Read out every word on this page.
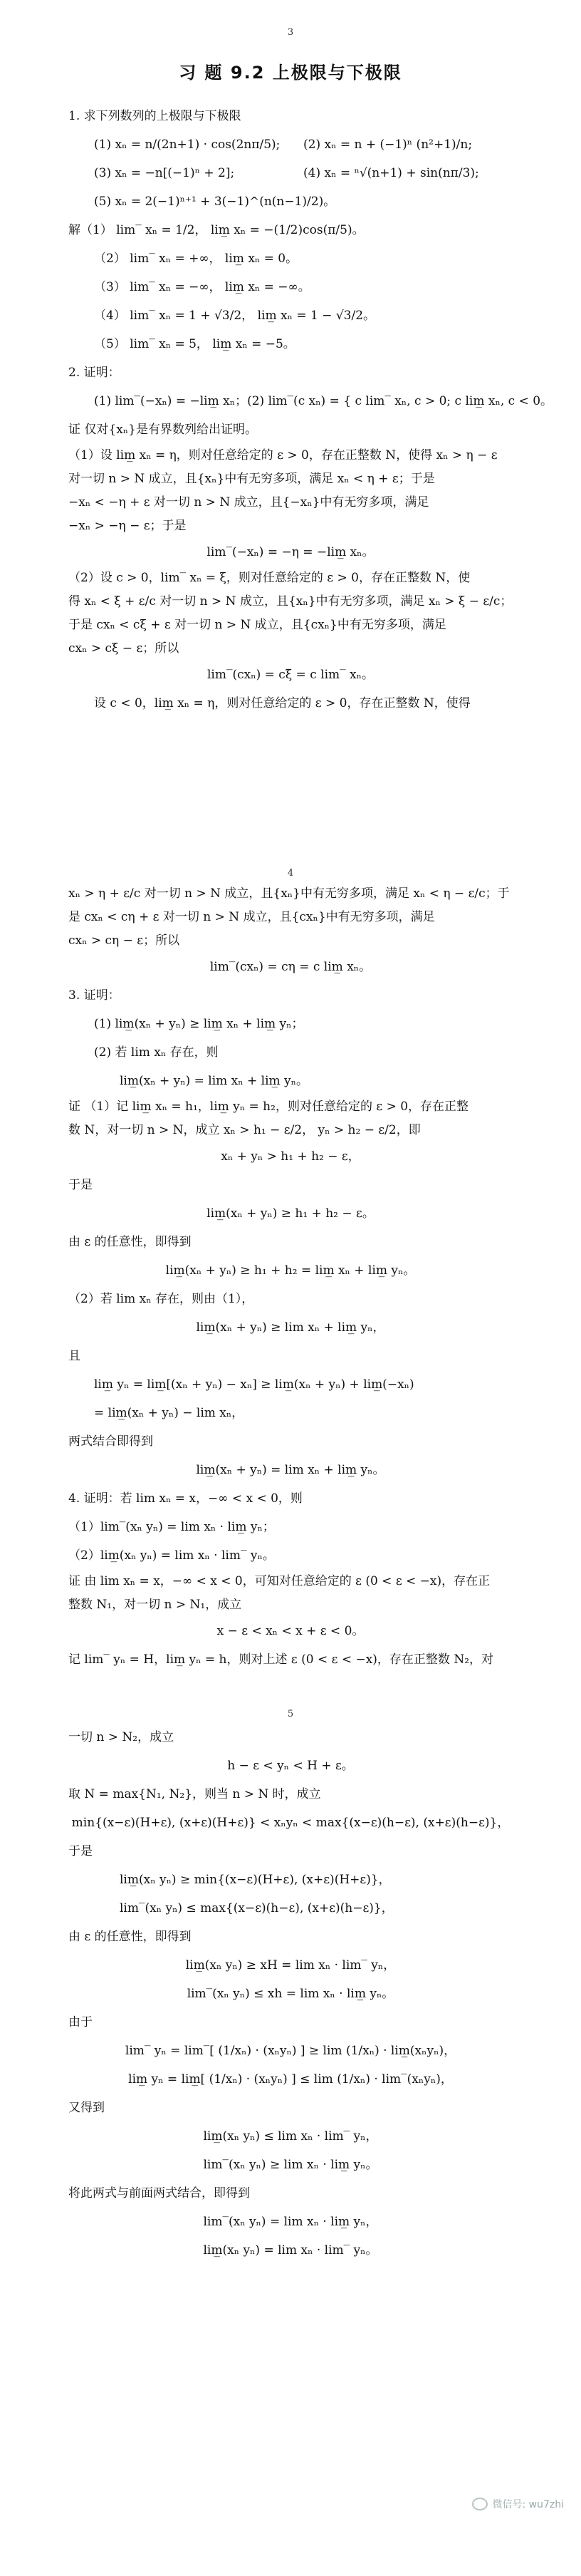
3
习 题 9.2 上极限与下极限
1. 求下列数列的上极限与下极限
(1) xₙ = n/(2n+1) · cos(2nπ/5);	(2) xₙ = n + (−1)ⁿ (n²+1)/n;
(3) xₙ = −n[(−1)ⁿ + 2];	(4) xₙ = ⁿ√(n+1) + sin(nπ/3);
(5) xₙ = 2(−1)ⁿ⁺¹ + 3(−1)^(n(n−1)/2)。
解（1） lim‾ xₙ = 1/2， lim̲ xₙ = −(1/2)cos(π/5)。
（2） lim‾ xₙ = +∞， lim̲ xₙ = 0。
（3） lim‾ xₙ = −∞， lim̲ xₙ = −∞。
（4） lim‾ xₙ = 1 + √3/2， lim̲ xₙ = 1 − √3/2。
（5） lim‾ xₙ = 5， lim̲ xₙ = −5。
2. 证明：
(1) lim‾(−xₙ) = −lim̲ xₙ； (2) lim‾(c xₙ) = { c lim‾ xₙ, c > 0; c lim̲ xₙ, c < 0。
证 仅对{xₙ}是有界数列给出证明。
（1）设 lim̲ xₙ = η，则对任意给定的 ε > 0，存在正整数 N，使得 xₙ > η − ε
对一切 n > N 成立，且{xₙ}中有无穷多项，满足 xₙ < η + ε；于是
−xₙ < −η + ε 对一切 n > N 成立，且{−xₙ}中有无穷多项，满足
−xₙ > −η − ε；于是
lim‾(−xₙ) = −η = −lim̲ xₙ。
（2）设 c > 0，lim‾ xₙ = ξ，则对任意给定的 ε > 0，存在正整数 N，使
得 xₙ < ξ + ε/c 对一切 n > N 成立，且{xₙ}中有无穷多项，满足 xₙ > ξ − ε/c；
于是 cxₙ < cξ + ε 对一切 n > N 成立，且{cxₙ}中有无穷多项，满足
cxₙ > cξ − ε；所以
lim‾(cxₙ) = cξ = c lim‾ xₙ。
设 c < 0，lim̲ xₙ = η，则对任意给定的 ε > 0，存在正整数 N，使得
4
xₙ > η + ε/c 对一切 n > N 成立，且{xₙ}中有无穷多项，满足 xₙ < η − ε/c；于
是 cxₙ < cη + ε 对一切 n > N 成立，且{cxₙ}中有无穷多项，满足
cxₙ > cη − ε；所以
lim‾(cxₙ) = cη = c lim̲ xₙ。
3. 证明：
(1) lim̲(xₙ + yₙ) ≥ lim̲ xₙ + lim̲ yₙ；
(2) 若 lim xₙ 存在，则
lim̲(xₙ + yₙ) = lim xₙ + lim̲ yₙ。
证 （1）记 lim̲ xₙ = h₁，lim̲ yₙ = h₂，则对任意给定的 ε > 0，存在正整
数 N，对一切 n > N，成立 xₙ > h₁ − ε/2， yₙ > h₂ − ε/2，即
xₙ + yₙ > h₁ + h₂ − ε，
于是
lim̲(xₙ + yₙ) ≥ h₁ + h₂ − ε。
由 ε 的任意性，即得到
lim̲(xₙ + yₙ) ≥ h₁ + h₂ = lim̲ xₙ + lim̲ yₙ。
（2）若 lim xₙ 存在，则由（1），
lim̲(xₙ + yₙ) ≥ lim xₙ + lim̲ yₙ，
且
lim̲ yₙ = lim̲[(xₙ + yₙ) − xₙ] ≥ lim̲(xₙ + yₙ) + lim̲(−xₙ)
= lim̲(xₙ + yₙ) − lim xₙ，
两式结合即得到
lim̲(xₙ + yₙ) = lim xₙ + lim̲ yₙ。
4. 证明：若 lim xₙ = x，−∞ < x < 0，则
（1）lim‾(xₙ yₙ) = lim xₙ · lim̲ yₙ；
（2）lim̲(xₙ yₙ) = lim xₙ · lim‾ yₙ。
证 由 lim xₙ = x，−∞ < x < 0，可知对任意给定的 ε (0 < ε < −x)，存在正
整数 N₁，对一切 n > N₁，成立
x − ε < xₙ < x + ε < 0。
记 lim‾ yₙ = H，lim̲ yₙ = h，则对上述 ε (0 < ε < −x)，存在正整数 N₂，对
5
一切 n > N₂，成立
h − ε < yₙ < H + ε。
取 N = max{N₁, N₂}，则当 n > N 时，成立
min{(x−ε)(H+ε), (x+ε)(H+ε)} < xₙyₙ < max{(x−ε)(h−ε), (x+ε)(h−ε)}，
于是
lim̲(xₙ yₙ) ≥ min{(x−ε)(H+ε), (x+ε)(H+ε)}，
lim‾(xₙ yₙ) ≤ max{(x−ε)(h−ε), (x+ε)(h−ε)}，
由 ε 的任意性，即得到
lim̲(xₙ yₙ) ≥ xH = lim xₙ · lim‾ yₙ，
lim‾(xₙ yₙ) ≤ xh = lim xₙ · lim̲ yₙ。
由于
lim‾ yₙ = lim‾[ (1/xₙ) · (xₙyₙ) ] ≥ lim (1/xₙ) · lim̲(xₙyₙ)，
lim̲ yₙ = lim̲[ (1/xₙ) · (xₙyₙ) ] ≤ lim (1/xₙ) · lim‾(xₙyₙ)，
又得到
lim̲(xₙ yₙ) ≤ lim xₙ · lim‾ yₙ，
lim‾(xₙ yₙ) ≥ lim xₙ · lim̲ yₙ。
将此两式与前面两式结合，即得到
lim‾(xₙ yₙ) = lim xₙ · lim̲ yₙ，
lim̲(xₙ yₙ) = lim xₙ · lim‾ yₙ。
微信号: wu7zhi
